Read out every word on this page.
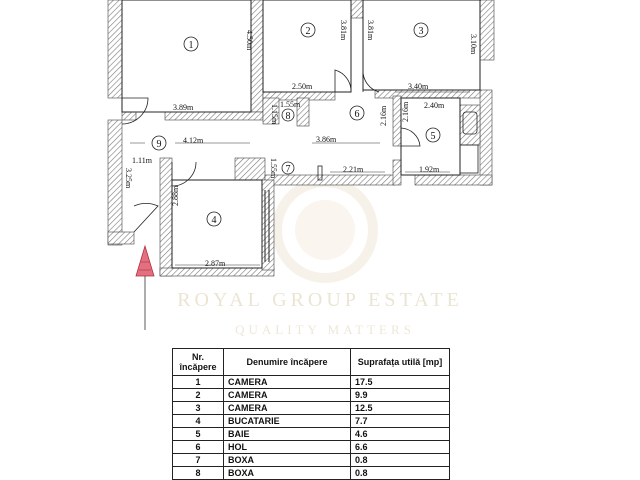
ROYAL GROUP ESTATE
QUALITY MATTERS
1
2	3
4
5
6
7
8
9
4.50m	3.81m 3.81m
3.10m
2.50m	3.40m
3.89m	1.55m
1.15m	2.40m
4.12m	3.86m
2.16m 2.16m
1.11m
3.25m	1.55m	2.21m	1.92m
2.88m
2.87m
Nr.
încăpere	Denumire încăpere	Suprafața utilă [mp]
1	CAMERA	17.5
2	CAMERA	9.9
3	CAMERA	12.5
4	BUCATARIE	7.7
5	BAIE	4.6
6	HOL	6.6
7	BOXA	0.8
8	BOXA	0.8
